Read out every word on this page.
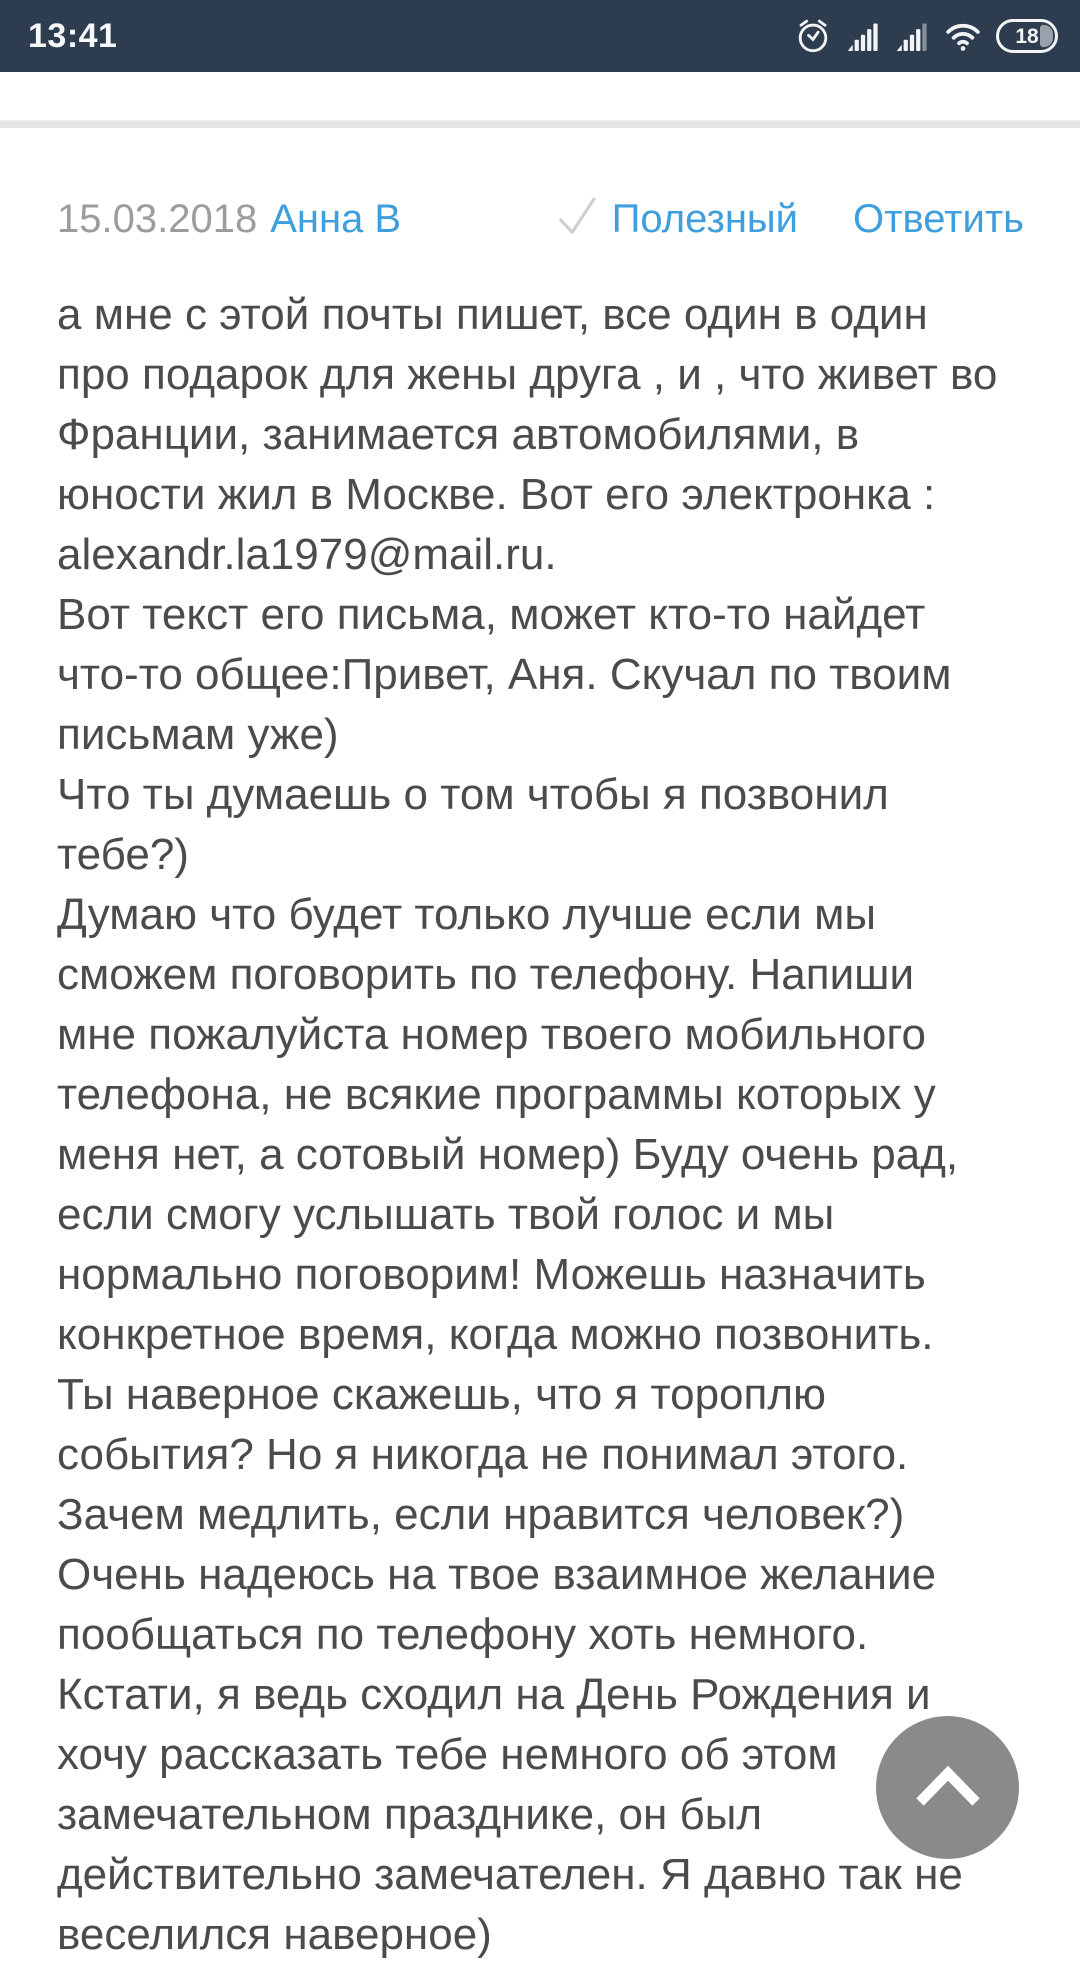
13:41	18
15.03.2018 Анна В	Полезный Ответить
а мне с этой почты пишет, все один в один
про подарок для жены друга , и , что живет во
Франции, занимается автомобилями, в
юности жил в Москве. Вот его электронка :
alexandr.la1979@mail.ru.
Вот текст его письма, может кто-то найдет
что-то общее:Привет, Аня. Скучал по твоим
письмам уже)
Что ты думаешь о том чтобы я позвонил
тебе?)
Думаю что будет только лучше если мы
сможем поговорить по телефону. Напиши
мне пожалуйста номер твоего мобильного
телефона, не всякие программы которых у
меня нет, а сотовый номер) Буду очень рад,
если смогу услышать твой голос и мы
нормально поговорим! Можешь назначить
конкретное время, когда можно позвонить.
Ты наверное скажешь, что я тороплю
события? Но я никогда не понимал этого.
Зачем медлить, если нравится человек?)
Очень надеюсь на твое взаимное желание
пообщаться по телефону хоть немного.
Кстати, я ведь сходил на День Рождения и
хочу рассказать тебе немного об этом
замечательном празднике, он был
действительно замечателен. Я давно так не
веселился наверное)
